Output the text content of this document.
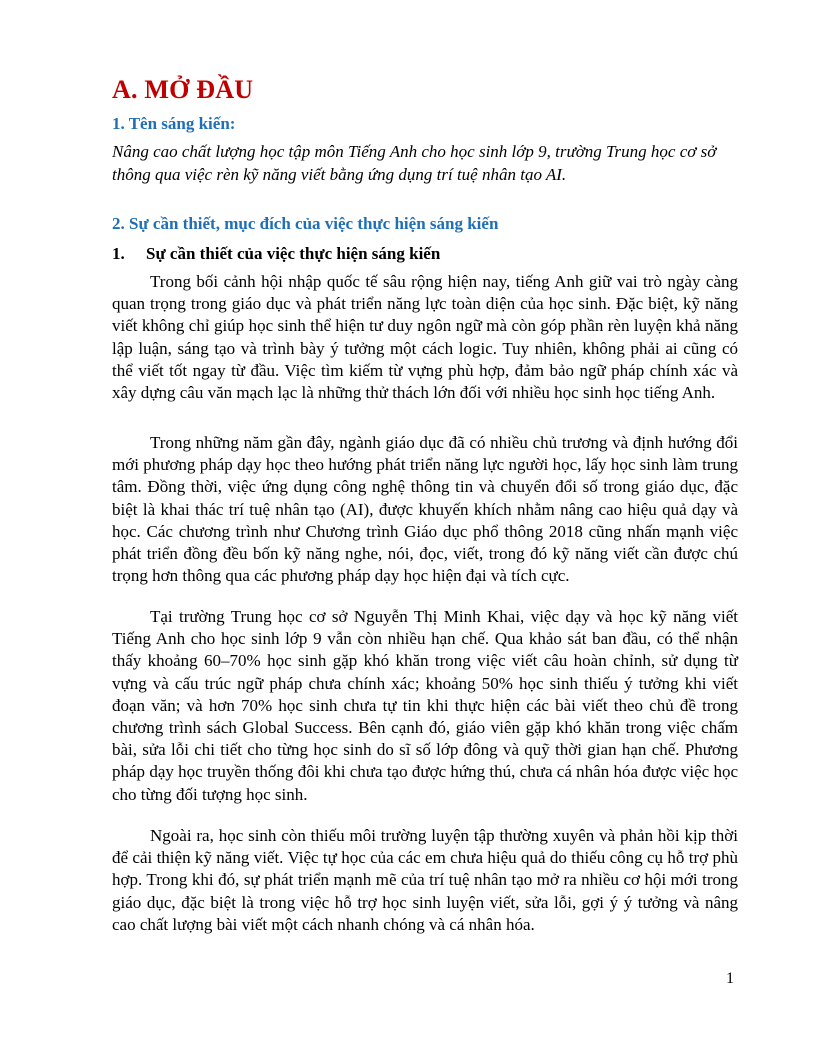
A. MỞ ĐẦU
1. Tên sáng kiến:

Nâng cao chất lượng học tập môn Tiếng Anh cho học sinh lớp 9, trường Trung học cơ sở thông qua việc rèn kỹ năng viết bằng ứng dụng trí tuệ nhân tạo AI.

2. Sự cần thiết, mục đích của việc thực hiện sáng kiến
1. Sự cần thiết của việc thực hiện sáng kiến

Trong bối cảnh hội nhập quốc tế sâu rộng hiện nay, tiếng Anh giữ vai trò ngày càng quan trọng trong giáo dục và phát triển năng lực toàn diện của học sinh. Đặc biệt, kỹ năng viết không chỉ giúp học sinh thể hiện tư duy ngôn ngữ mà còn góp phần rèn luyện khả năng lập luận, sáng tạo và trình bày ý tưởng một cách logic. Tuy nhiên, không phải ai cũng có thể viết tốt ngay từ đầu. Việc tìm kiếm từ vựng phù hợp, đảm bảo ngữ pháp chính xác và xây dựng câu văn mạch lạc là những thử thách lớn đối với nhiều học sinh học tiếng Anh.

Trong những năm gần đây, ngành giáo dục đã có nhiều chủ trương và định hướng đổi mới phương pháp dạy học theo hướng phát triển năng lực người học, lấy học sinh làm trung tâm. Đồng thời, việc ứng dụng công nghệ thông tin và chuyển đổi số trong giáo dục, đặc biệt là khai thác trí tuệ nhân tạo (AI), được khuyến khích nhằm nâng cao hiệu quả dạy và học. Các chương trình như Chương trình Giáo dục phổ thông 2018 cũng nhấn mạnh việc phát triển đồng đều bốn kỹ năng nghe, nói, đọc, viết, trong đó kỹ năng viết cần được chú trọng hơn thông qua các phương pháp dạy học hiện đại và tích cực.

Tại trường Trung học cơ sở Nguyễn Thị Minh Khai, việc dạy và học kỹ năng viết Tiếng Anh cho học sinh lớp 9 vẫn còn nhiều hạn chế. Qua khảo sát ban đầu, có thể nhận thấy khoảng 60–70% học sinh gặp khó khăn trong việc viết câu hoàn chỉnh, sử dụng từ vựng và cấu trúc ngữ pháp chưa chính xác; khoảng 50% học sinh thiếu ý tưởng khi viết đoạn văn; và hơn 70% học sinh chưa tự tin khi thực hiện các bài viết theo chủ đề trong chương trình sách Global Success. Bên cạnh đó, giáo viên gặp khó khăn trong việc chấm bài, sửa lỗi chi tiết cho từng học sinh do sĩ số lớp đông và quỹ thời gian hạn chế. Phương pháp dạy học truyền thống đôi khi chưa tạo được hứng thú, chưa cá nhân hóa được việc học cho từng đối tượng học sinh.

Ngoài ra, học sinh còn thiếu môi trường luyện tập thường xuyên và phản hồi kịp thời để cải thiện kỹ năng viết. Việc tự học của các em chưa hiệu quả do thiếu công cụ hỗ trợ phù hợp. Trong khi đó, sự phát triển mạnh mẽ của trí tuệ nhân tạo mở ra nhiều cơ hội mới trong giáo dục, đặc biệt là trong việc hỗ trợ học sinh luyện viết, sửa lỗi, gợi ý ý tưởng và nâng cao chất lượng bài viết một cách nhanh chóng và cá nhân hóa.

1
